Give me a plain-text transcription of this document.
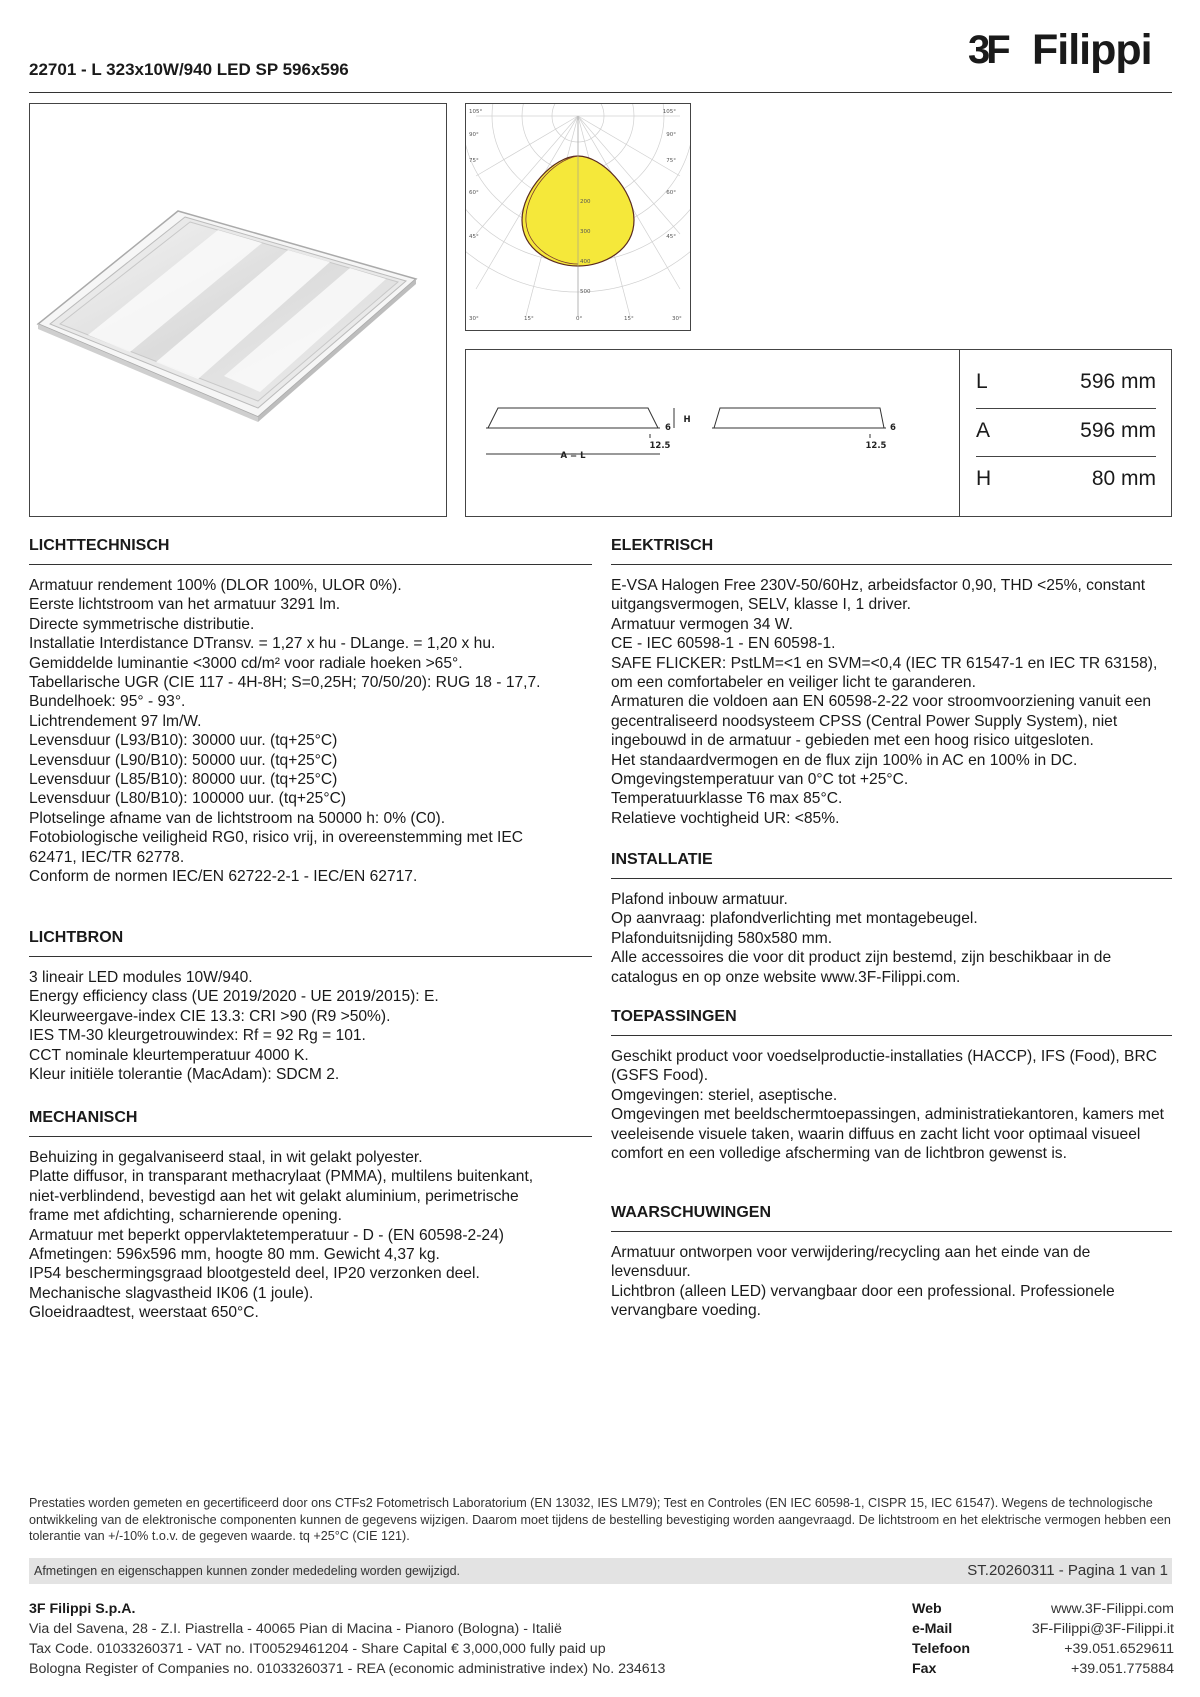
22701 - L 323x10W/940 LED SP 596x596	3F Filippi
105°
90°
75°
60°
45°
105°
90°
75°
60°
45°
30°	15°	0°	15°	30°
200
300
400
500
H
6
12.5
A = L
6
12.5
L	596 mm
A	596 mm
H	80 mm
LICHTTECHNISCH
Armatuur rendement 100% (DLOR 100%, ULOR 0%).
Eerste lichtstroom van het armatuur 3291 lm.
Directe symmetrische distributie.
Installatie Interdistance DTransv. = 1,27 x hu - DLange. = 1,20 x hu.
Gemiddelde luminantie <3000 cd/m² voor radiale hoeken >65°.
Tabellarische UGR (CIE 117 - 4H-8H; S=0,25H; 70/50/20): RUG 18 - 17,7.
Bundelhoek: 95° - 93°.
Lichtrendement 97 lm/W.
Levensduur (L93/B10): 30000 uur. (tq+25°C)
Levensduur (L90/B10): 50000 uur. (tq+25°C)
Levensduur (L85/B10): 80000 uur. (tq+25°C)
Levensduur (L80/B10): 100000 uur. (tq+25°C)
Plotselinge afname van de lichtstroom na 50000 h: 0% (C0).
Fotobiologische veiligheid RG0, risico vrij, in overeenstemming met IEC 62471, IEC/TR 62778.
Conform de normen IEC/EN 62722-2-1 - IEC/EN 62717.
LICHTBRON
3 lineair LED modules 10W/940.
Energy efficiency class (UE 2019/2020 - UE 2019/2015): E.
Kleurweergave-index CIE 13.3: CRI >90 (R9 >50%).
IES TM-30 kleurgetrouwindex: Rf = 92 Rg = 101.
CCT nominale kleurtemperatuur 4000 K.
Kleur initiële tolerantie (MacAdam): SDCM 2.
MECHANISCH
Behuizing in gegalvaniseerd staal, in wit gelakt polyester.
Platte diffusor, in transparant methacrylaat (PMMA), multilens buitenkant, niet-verblindend, bevestigd aan het wit gelakt aluminium, perimetrische frame met afdichting, scharnierende opening.
Armatuur met beperkt oppervlaktetemperatuur - D - (EN 60598-2-24)
Afmetingen: 596x596 mm, hoogte 80 mm. Gewicht 4,37 kg.
IP54 beschermingsgraad blootgesteld deel, IP20 verzonken deel.
Mechanische slagvastheid IK06 (1 joule).
Gloeidraadtest, weerstaat 650°C.
ELEKTRISCH
E-VSA Halogen Free 230V-50/60Hz, arbeidsfactor 0,90, THD <25%, constant uitgangsvermogen, SELV, klasse I, 1 driver.
Armatuur vermogen 34 W.
CE - IEC 60598-1 - EN 60598-1.
SAFE FLICKER: PstLM=<1 en SVM=<0,4 (IEC TR 61547-1 en IEC TR 63158), om een comfortabeler en veiliger licht te garanderen.
Armaturen die voldoen aan EN 60598-2-22 voor stroomvoorziening vanuit een gecentraliseerd noodsysteem CPSS (Central Power Supply System), niet ingebouwd in de armatuur - gebieden met een hoog risico uitgesloten.
Het standaardvermogen en de flux zijn 100% in AC en 100% in DC.
Omgevingstemperatuur van 0°C tot +25°C.
Temperatuurklasse T6 max 85°C.
Relatieve vochtigheid UR: <85%.
INSTALLATIE
Plafond inbouw armatuur.
Op aanvraag: plafondverlichting met montagebeugel.
Plafonduitsnijding 580x580 mm.
Alle accessoires die voor dit product zijn bestemd, zijn beschikbaar in de catalogus en op onze website www.3F-Filippi.com.
TOEPASSINGEN
Geschikt product voor voedselproductie-installaties (HACCP), IFS (Food), BRC (GSFS Food).
Omgevingen: steriel, aseptische.
Omgevingen met beeldschermtoepassingen, administratiekantoren, kamers met veeleisende visuele taken, waarin diffuus en zacht licht voor optimaal visueel comfort en een volledige afscherming van de lichtbron gewenst is.
WAARSCHUWINGEN
Armatuur ontworpen voor verwijdering/recycling aan het einde van de levensduur.
Lichtbron (alleen LED) vervangbaar door een professional. Professionele vervangbare voeding.
Prestaties worden gemeten en gecertificeerd door ons CTFs2 Fotometrisch Laboratorium (EN 13032, IES LM79); Test en Controles (EN IEC 60598-1, CISPR 15, IEC 61547). Wegens de technologische ontwikkeling van de elektronische componenten kunnen de gegevens wijzigen. Daarom moet tijdens de bestelling bevestiging worden aangevraagd. De lichtstroom en het elektrische vermogen hebben een tolerantie van +/-10% t.o.v. de gegeven waarde. tq +25°C (CIE 121).
Afmetingen en eigenschappen kunnen zonder mededeling worden gewijzigd.	ST.20260311 - Pagina 1 van 1
3F Filippi S.p.A.
Via del Savena, 28 - Z.I. Piastrella - 40065 Pian di Macina - Pianoro (Bologna) - Italië
Tax Code. 01033260371 - VAT no. IT00529461204 - Share Capital € 3,000,000 fully paid up
Bologna Register of Companies no. 01033260371 - REA (economic administrative index) No. 234613
Web	www.3F-Filippi.com
e-Mail	3F-Filippi@3F-Filippi.it
Telefoon	+39.051.6529611
Fax	+39.051.775884
